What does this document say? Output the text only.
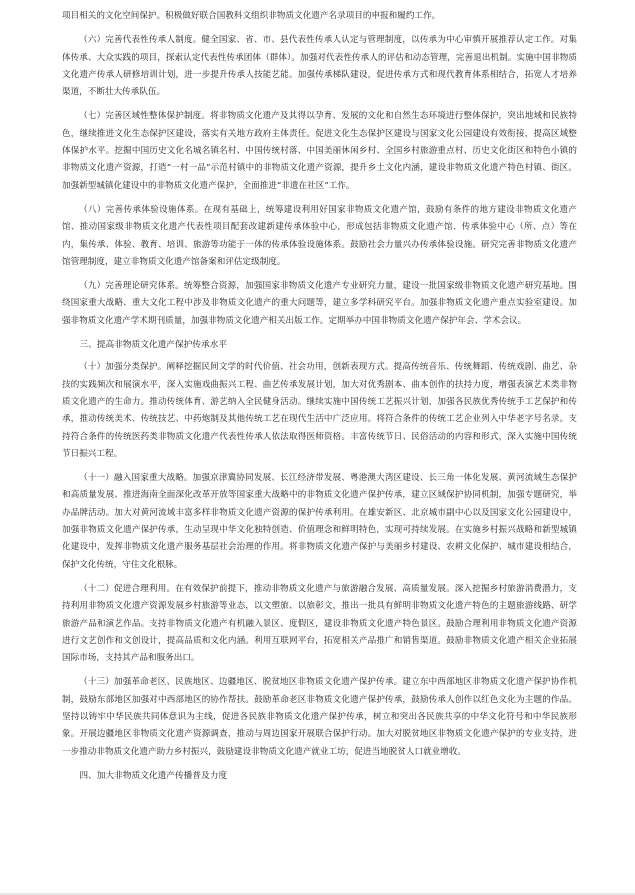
项目相关的文化空间保护。积极做好联合国教科文组织非物质文化遗产名录项目的申报和履约工作。

（六）完善代表性传承人制度。健全国家、省、市、县代表性传承人认定与管理制度，以传承为中心审慎开展推荐认定工作。对集体传承、大众实践的项目，探索认定代表性传承团体（群体）。加强对代表性传承人的评估和动态管理，完善退出机制。实施中国非物质文化遗产传承人研修培训计划，进一步提升传承人技能艺能。加强传承梯队建设，促进传承方式和现代教育体系相结合，拓宽人才培养渠道，不断壮大传承队伍。

（七）完善区域性整体保护制度。将非物质文化遗产及其得以孕育、发展的文化和自然生态环境进行整体保护，突出地域和民族特色，继续推进文化生态保护区建设，落实有关地方政府主体责任。促进文化生态保护区建设与国家文化公园建设有效衔接，提高区域整体保护水平。挖掘中国历史文化名城名镇名村、中国传统村落、中国美丽休闲乡村、全国乡村旅游重点村、历史文化街区和特色小镇的非物质文化遗产资源，打造“一村一品”示范村镇中的非物质文化遗产资源，提升乡土文化内涵，建设非物质文化遗产特色村镇、街区。加强新型城镇化建设中的非物质文化遗产保护，全面推进“非遗在社区”工作。

（八）完善传承体验设施体系。在现有基础上，统筹建设利用好国家非物质文化遗产馆，鼓励有条件的地方建设非物质文化遗产馆、推动国家级非物质文化遗产代表性项目配套改建新建传承体验中心，形成包括非物质文化遗产馆、传承体验中心（所、点）等在内，集传承、体验、教育、培训、旅游等功能于一体的传承体验设施体系。鼓励社会力量兴办传承体验设施。研究完善非物质文化遗产馆管理制度，建立非物质文化遗产馆备案和评估定级制度。

（九）完善理论研究体系。统筹整合资源，加强国家非物质文化遗产专业研究力量，建设一批国家级非物质文化遗产研究基地。围绕国家重大战略、重大文化工程中涉及非物质文化遗产的重大问题等，建立多学科研究平台。加强非物质文化遗产重点实验室建设。加强非物质文化遗产学术期刊质量，加强非物质文化遗产相关出版工作。定期举办中国非物质文化遗产保护年会、学术会议。

三、提高非物质文化遗产保护传承水平

（十）加强分类保护。阐释挖掘民间文学的时代价值、社会功用，创新表现方式。提高传统音乐、传统舞蹈、传统戏剧、曲艺、杂技的实践频次和展演水平，深入实施戏曲振兴工程、曲艺传承发展计划，加大对优秀剧本、曲本创作的扶持力度，增强表演艺术类非物质文化遗产的生命力。推动传统体育、游艺纳入全民健身活动。继续实施中国传统工艺振兴计划，加强各民族优秀传统手工艺保护和传承，推动传统美术、传统技艺、中药炮制及其他传统工艺在现代生活中广泛应用。将符合条件的传统工艺企业列入中华老字号名录。支持符合条件的传统医药类非物质文化遗产代表性传承人依法取得医师资格。丰富传统节日、民俗活动的内容和形式，深入实施中国传统节日振兴工程。

（十一）融入国家重大战略。加强京津冀协同发展、长江经济带发展、粤港澳大湾区建设、长三角一体化发展、黄河流域生态保护和高质量发展、推进海南全面深化改革开放等国家重大战略中的非物质文化遗产保护传承，建立区域保护协同机制，加强专题研究，举办品牌活动。加大对黄河流域丰富多样非物质文化遗产资源的保护传承利用。在雄安新区、北京城市副中心以及国家文化公园建设中，加强非物质文化遗产保护传承，生动呈现中华文化独特创造、价值理念和鲜明特色，实现可持续发展。在实施乡村振兴战略和新型城镇化建设中，发挥非物质文化遗产服务基层社会治理的作用。将非物质文化遗产保护与美丽乡村建设、农耕文化保护、城市建设相结合，保护文化传统，守住文化根脉。

（十二）促进合理利用。在有效保护前提下，推动非物质文化遗产与旅游融合发展、高质量发展。深入挖掘乡村旅游消费潜力，支持利用非物质文化遗产资源发展乡村旅游等业态，以文塑旅、以旅彰文，推出一批具有鲜明非物质文化遗产特色的主题旅游线路、研学旅游产品和演艺作品。支持非物质文化遗产有机融入景区、度假区，建设非物质文化遗产特色景区。鼓励合理利用非物质文化遗产资源进行文艺创作和文创设计，提高品质和文化内涵。利用互联网平台，拓宽相关产品推广和销售渠道。鼓励非物质文化遗产相关企业拓展国际市场，支持其产品和服务出口。

（十三）加强革命老区、民族地区、边疆地区、脱贫地区非物质文化遗产保护传承。建立东中西部地区非物质文化遗产保护协作机制，鼓励东部地区加强对中西部地区的协作帮扶。鼓励革命老区非物质文化遗产保护传承，鼓励传承人创作以红色文化为主题的作品。坚持以铸牢中华民族共同体意识为主线，促进各民族非物质文化遗产保护传承，树立和突出各民族共享的中华文化符号和中华民族形象。开展边疆地区非物质文化遗产资源调查，推动与周边国家开展联合保护行动。加大对脱贫地区非物质文化遗产保护的专业支持，进一步推动非物质文化遗产助力乡村振兴，鼓励建设非物质文化遗产就业工坊，促进当地脱贫人口就业增收。

四、加大非物质文化遗产传播普及力度
